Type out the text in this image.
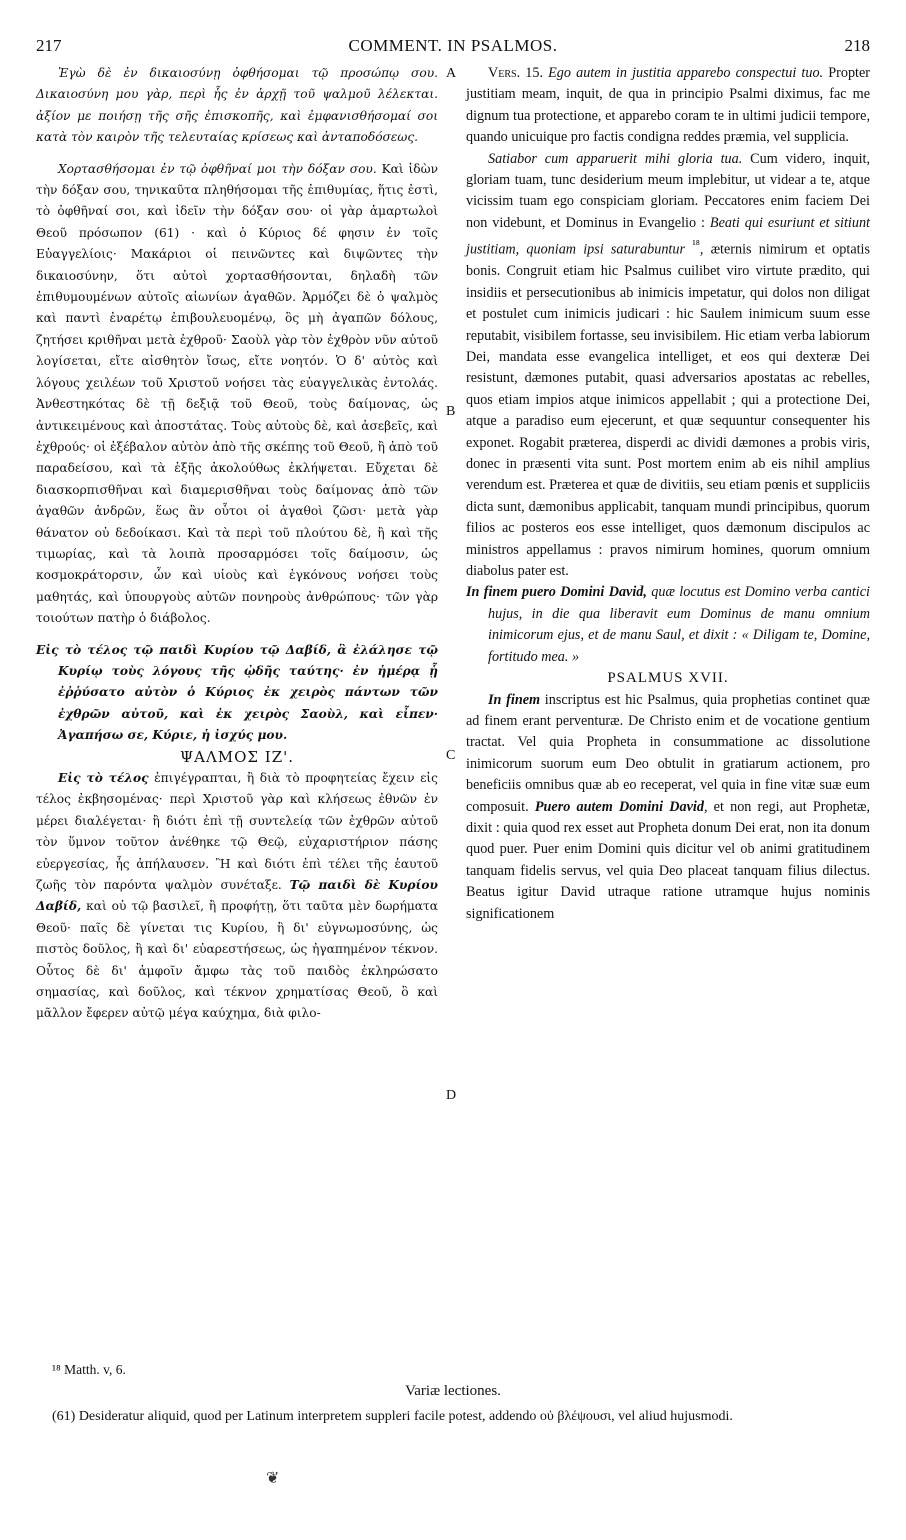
217	COMMENT. IN PSALMOS.	218

Ἐγὼ δὲ ἐν δικαιοσύνῃ ὀφθήσομαι τῷ προσώπῳ σου. Δικαιοσύνη μου γὰρ, περὶ ἧς ἐν ἀρχῇ τοῦ ψαλμοῦ λέλεκται. ἀξίον με ποιήσῃ τῆς σῆς ἐπισκοπῆς, καὶ ἐμφανισθήσομαί σοι κατὰ τὸν καιρὸν τῆς τελευταίας κρίσεως καὶ ἀνταποδόσεως.

Χορτασθήσομαι ἐν τῷ ὀφθῆναί μοι τὴν δόξαν σου. Καὶ ἰδὼν τὴν δόξαν σου, τηνικαῦτα πληθήσομαι τῆς ἐπιθυμίας, ἥτις ἐστὶ, τὸ ὀφθῆναί σοι, καὶ ἰδεῖν τὴν δόξαν σου· οἱ γὰρ ἁμαρτωλοὶ Θεοῦ πρόσωπον (61) · καὶ ὁ Κύριος δέ φησιν ἐν τοῖς Εὐαγγελίοις· Μακάριοι οἱ πεινῶντες καὶ διψῶντες τὴν δικαιοσύνην, ὅτι αὐτοὶ χορτασθήσονται, δηλαδὴ τῶν ἐπιθυμουμένων αὐτοῖς αἰωνίων ἀγαθῶν. Ἁρμόζει δὲ ὁ ψαλμὸς καὶ παντὶ ἐναρέτῳ ἐπιβουλευομένῳ, ὃς μὴ ἀγαπῶν δόλους, ζητήσει κριθῆναι μετὰ ἐχθροῦ· Σαοὺλ γὰρ τὸν ἐχθρὸν νῦν αὐτοῦ λογίσεται, εἴτε αἰσθητὸν ἴσως, εἴτε νοητόν. Ὁ δ' αὐτὸς καὶ λόγους χειλέων τοῦ Χριστοῦ νοήσει τὰς εὐαγγελικὰς ἐντολάς. Ἀνθεστηκότας δὲ τῇ δεξιᾷ τοῦ Θεοῦ, τοὺς δαίμονας, ὡς ἀντικειμένους καὶ ἀποστάτας. Τοὺς αὐτοὺς δὲ, καὶ ἀσεβεῖς, καὶ ἐχθρούς· οἱ ἐξέβαλον αὐτὸν ἀπὸ τῆς σκέπης τοῦ Θεοῦ, ἢ ἀπὸ τοῦ παραδείσου, καὶ τὰ ἑξῆς ἀκολούθως ἐκλήψεται. Εὔχεται δὲ διασκορπισθῆναι καὶ διαμερισθῆναι τοὺς δαίμονας ἀπὸ τῶν ἀγαθῶν ἀνδρῶν, ἕως ἂν οὗτοι οἱ ἀγαθοὶ ζῶσι· μετὰ γὰρ θάνατον οὐ δεδοίκασι. Καὶ τὰ περὶ τοῦ πλούτου δὲ, ἢ καὶ τῆς τιμωρίας, καὶ τὰ λοιπὰ προσαρμόσει τοῖς δαίμοσιν, ὡς κοσμοκράτορσιν, ὧν καὶ υἱοὺς καὶ ἐγκόνους νοήσει τοὺς μαθητάς, καὶ ὑπουργοὺς αὐτῶν πονηροὺς ἀνθρώπους· τῶν γὰρ τοιούτων πατὴρ ὁ διάβολος.

Εἰς τὸ τέλος τῷ παιδὶ Κυρίου τῷ Δαβίδ, ἃ ἐλάλησε τῷ Κυρίῳ τοὺς λόγους τῆς ᾠδῆς ταύτης· ἐν ἡμέρᾳ ᾗ ἐῤῥύσατο αὐτὸν ὁ Κύριος ἐκ χειρὸς πάντων τῶν ἐχθρῶν αὐτοῦ, καὶ ἐκ χειρὸς Σαοὺλ, καὶ εἶπεν· Ἀγαπήσω σε, Κύριε, ἡ ἰσχύς μου.

ΨΑΛΜΟΣ ΙΖ'.

Εἰς τὸ τέλος ἐπιγέγραπται, ἢ διὰ τὸ προφητείας ἔχειν εἰς τέλος ἐκβησομένας· περὶ Χριστοῦ γὰρ καὶ κλήσεως ἐθνῶν ἐν μέρει διαλέγεται· ἢ διότι ἐπὶ τῇ συντελείᾳ τῶν ἐχθρῶν αὐτοῦ τὸν ὕμνον τοῦτον ἀνέθηκε τῷ Θεῷ, εὐχαριστήριον πάσης εὐεργεσίας, ἧς ἀπήλαυσεν. Ἢ καὶ διότι ἐπὶ τέλει τῆς ἑαυτοῦ ζωῆς τὸν παρόντα ψαλμὸν συνέταξε. Τῷ παιδὶ δὲ Κυρίου Δαβίδ, καὶ οὐ τῷ βασιλεῖ, ἢ προφήτῃ, ὅτι ταῦτα μὲν δωρήματα Θεοῦ· παῖς δὲ γίνεται τις Κυρίου, ἢ δι' εὐγνωμοσύνης, ὡς πιστὸς δοῦλος, ἢ καὶ δι' εὐαρεστήσεως, ὡς ἠγαπημένον τέκνον. Οὗτος δὲ δι' ἀμφοῖν ἄμφω τὰς τοῦ παιδὸς ἐκληρώσατο σημασίας, καὶ δοῦλος, καὶ τέκνον χρηματίσας Θεοῦ, ὃ καὶ μᾶλλον ἔφερεν αὐτῷ μέγα καύχημα, διὰ φιλο-

A
B
C
D

Vers. 15. Ego autem in justitia apparebo conspectui tuo. Propter justitiam meam, inquit, de qua in principio Psalmi diximus, fac me dignum tua protectione, et apparebo coram te in ultimi judicii tempore, quando unicuique pro factis condigna reddes præmia, vel supplicia.

Satiabor cum apparuerit mihi gloria tua. Cum videro, inquit, gloriam tuam, tunc desiderium meum implebitur, ut videar a te, atque vicissim tuam ego conspiciam gloriam. Peccatores enim faciem Dei non videbunt, et Dominus in Evangelio : Beati qui esuriunt et sitiunt justitiam, quoniam ipsi saturabuntur $^{^{18}}$, æternis nimirum et optatis bonis. Congruit etiam hic Psalmus cuilibet viro virtute prædito, qui insidiis et persecutionibus ab inimicis impetatur, qui dolos non diligat et postulet cum inimicis judicari : hic Saulem inimicum suum esse reputabit, visibilem fortasse, seu invisibilem. Hic etiam verba labiorum Dei, mandata esse evangelica intelliget, et eos qui dexteræ Dei resistunt, dæmones putabit, quasi adversarios apostatas ac rebelles, quos etiam impios atque inimicos appellabit ; qui a protectione Dei, atque a paradiso eum ejecerunt, et quæ sequuntur consequenter his exponet. Rogabit præterea, disperdi ac dividi dæmones a probis viris, donec in præsenti vita sunt. Post mortem enim ab eis nihil amplius verendum est. Præterea et quæ de divitiis, seu etiam pœnis et suppliciis dicta sunt, dæmonibus applicabit, tanquam mundi principibus, quorum filios ac posteros eos esse intelliget, quos dæmonum discipulos ac ministros appellamus : pravos nimirum homines, quorum omnium diabolus pater est.

In finem puero Domini David, quæ locutus est Domino verba cantici hujus, in die qua liberavit eum Dominus de manu omnium inimicorum ejus, et de manu Saul, et dixit : « Diligam te, Domine, fortitudo mea. »

PSALMUS XVII.

In finem inscriptus est hic Psalmus, quia prophetias continet quæ ad finem erant perventuræ. De Christo enim et de vocatione gentium tractat. Vel quia Propheta in consummatione ac dissolutione inimicorum suorum eum Deo obtulit in gratiarum actionem, pro beneficiis omnibus quæ ab eo receperat, vel quia in fine vitæ suæ eum composuit. Puero autem Domini David, et non regi, aut Prophetæ, dixit : quia quod rex esset aut Propheta donum Dei erat, non ita donum quod puer. Puer enim Domini quis dicitur vel ob animi gratitudinem tanquam fidelis servus, vel quia Deo placeat tanquam filius dilectus. Beatus igitur David utraque ratione utramque hujus nominis significationem

¹⁸ Matth. v, 6.
Variæ lectiones.
(61) Desideratur aliquid, quod per Latinum interpretem suppleri facile potest, addendo οὐ βλέψουσι, vel aliud hujusmodi.
❦
